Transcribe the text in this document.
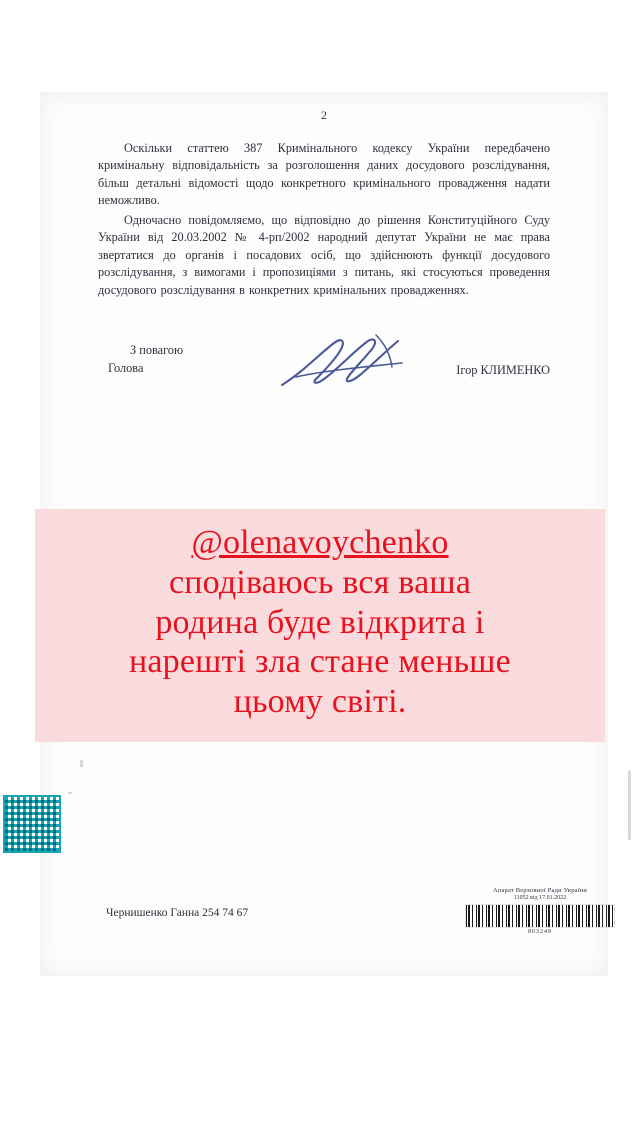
2

Оскільки статтею 387 Кримінального кодексу України передбачено кримінальну відповідальність за розголошення даних досудового розслідування, більш детальні відомості щодо конкретного кримінального провадження надати неможливо.

Одночасно повідомляємо, що відповідно до рішення Конституційного Суду України від 20.03.2002 № 4-рп/2002 народний депутат України не має права звертатися до органів і посадових осіб, що здійснюють функції досудового розслідування, з вимогами і пропозиціями з питань, які стосуються проведення досудового розслідування в конкретних кримінальних провадженнях.

З повагою
Голова	Ігор КЛИМЕНКО
Чернишенко Ганна 254 74 67
Апарат Верховної Ради України
11052 від 17.01.2022
803248
@olenavoychenko
сподіваюсь вся ваша
родина буде відкрита і
нарешті зла стане меньше
цьому світі.
